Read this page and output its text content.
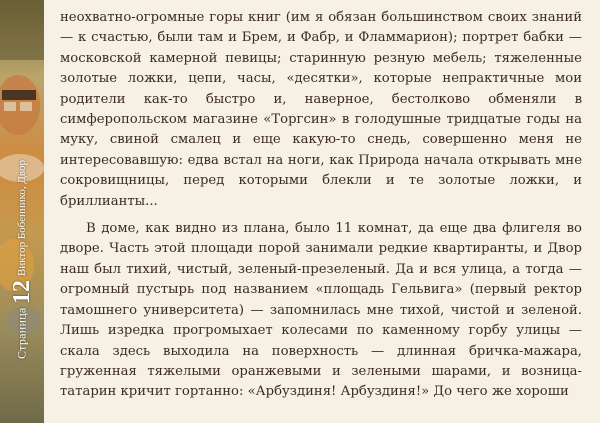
Страница
12
Виктор Бобеннико, Двор

неохватно-огромные горы книг (им я обязан большинством своих знаний — к счастью, были там и Брем, и Фабр, и Фламмарион); портрет бабки — московской камерной певицы; старинную резную мебель; тяжеленные золотые ложки, цепи, часы, «десятки», которые непрактичные мои родители как-то быстро и, наверное, бестолково обменяли в симферопольском магазине «Торгсин» в голодушные тридцатые годы на муку, свиной смалец и еще какую-то снедь, совершенно меня не интересовавшую: едва встал на ноги, как Природа начала открывать мне сокровищницы, перед которыми блекли и те золотые ложки, и бриллианты...

В доме, как видно из плана, было 11 комнат, да еще два флигеля во дворе. Часть этой площади порой занимали редкие квартиранты, и Двор наш был тихий, чистый, зеленый-презеленый. Да и вся улица, а тогда — огромный пустырь под названием «площадь Гельвига» (первый ректор тамошнего университета) — запомнилась мне тихой, чистой и зеленой. Лишь изредка прогромыхает колесами по каменному горбу улицы — скала здесь выходила на поверхность — длинная бричка-мажара, груженная тяжелыми оранжевыми и зелеными шарами, и возница-татарин кричит гортанно: «Арбуздиня! Арбуздиня!» До чего же хороши
